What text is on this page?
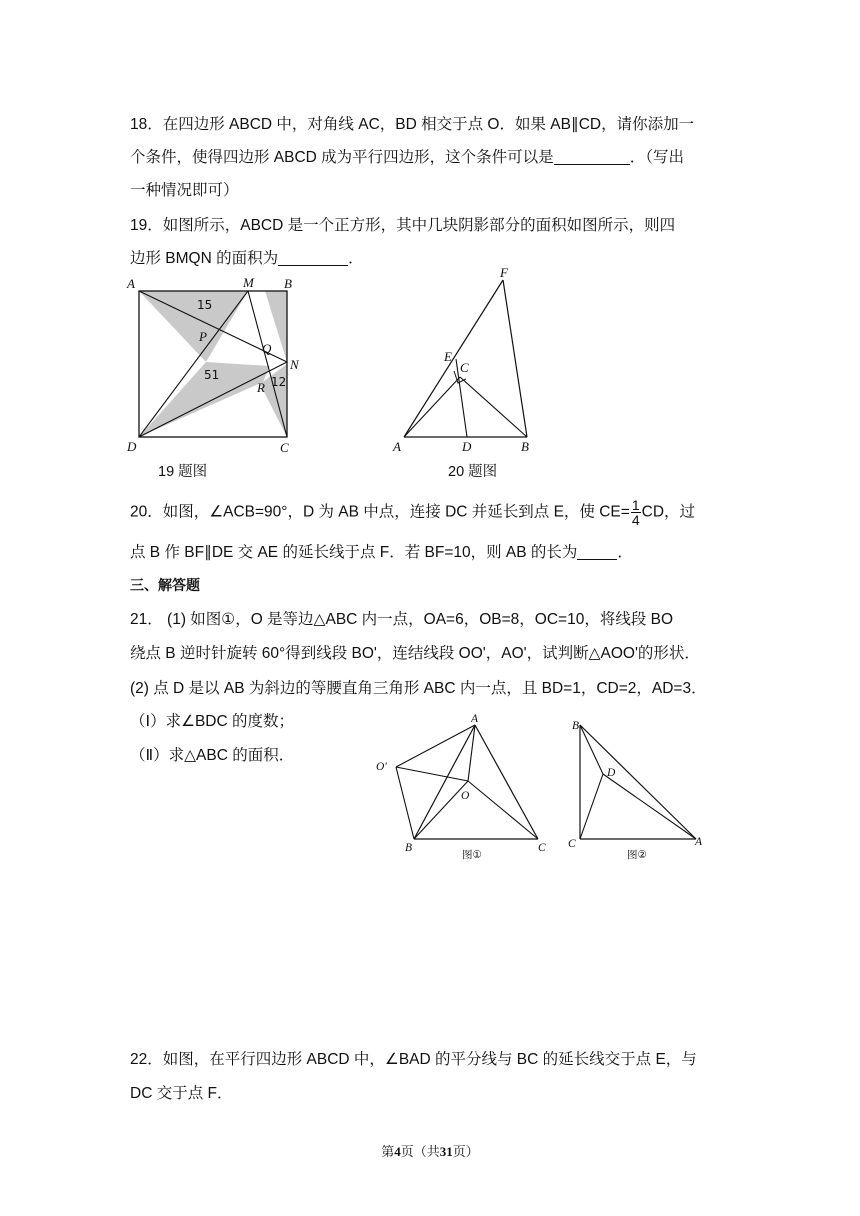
18．在四边形 ABCD 中，对角线 AC，BD 相交于点 O．如果 AB∥CD，请你添加一
个条件，使得四边形 ABCD 成为平行四边形，这个条件可以是	．（写出
一种情况即可）
19．如图所示，ABCD 是一个正方形，其中几块阴影部分的面积如图所示，则四
边形 BMQN 的面积为	．
A	M B
P
Q
N
R
D	C
15
51	12
19 题图
F
E
C
A	D	B
20 题图
20．如图，∠ACB=90°，D 为 AB 中点，连接 DC 并延长到点 E，使 $CE= \frac{1}{4}$ CD，过
点 B 作 BF∥DE 交 AE 的延长线于点 F．若 BF=10，则 AB 的长为	．
三、解答题
21． (1) 如图①，O 是等边△ABC 内一点，OA=6，OB=8，OC=10，将线段 BO
绕点 B 逆时针旋转 60°得到线段 BO'，连结线段 OO'，AO'，试判断△AOO'的形状．
(2) 点 D 是以 AB 为斜边的等腰直角三角形 ABC 内一点，且 BD=1，CD=2，AD=3．
（Ⅰ）求∠BDC 的度数；
（Ⅱ）求△ABC 的面积．
A
O'
O
B	C
图①
B
D
C	A
图②
22．如图，在平行四边形 ABCD 中，∠BAD 的平分线与 BC 的延长线交于点 E，与
DC 交于点 F．
第4页（共31页）
